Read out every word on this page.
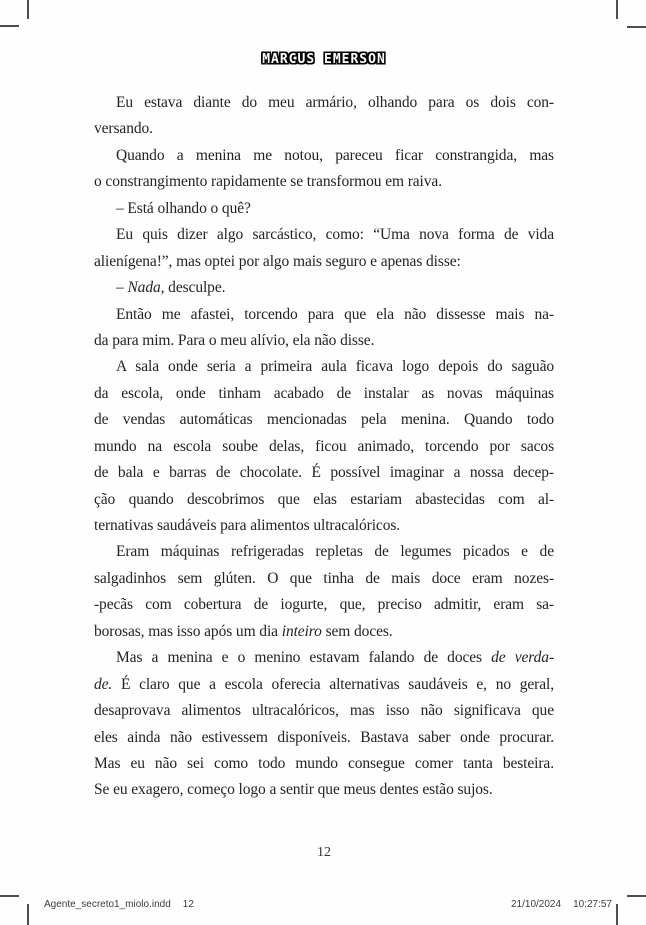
MARCUS EMERSON
Eu estava diante do meu armário, olhando para os dois con-
versando.
Quando a menina me notou, pareceu ficar constrangida, mas
o constrangimento rapidamente se transformou em raiva.
– Está olhando o quê?
Eu quis dizer algo sarcástico, como: “Uma nova forma de vida
alienígena!”, mas optei por algo mais seguro e apenas disse:
– Nada, desculpe.
Então me afastei, torcendo para que ela não dissesse mais na-
da para mim. Para o meu alívio, ela não disse.
A sala onde seria a primeira aula ficava logo depois do saguão
da escola, onde tinham acabado de instalar as novas máquinas
de vendas automáticas mencionadas pela menina. Quando todo
mundo na escola soube delas, ficou animado, torcendo por sacos
de bala e barras de chocolate. É possível imaginar a nossa decep-
ção quando descobrimos que elas estariam abastecidas com al-
ternativas saudáveis para alimentos ultracalóricos.
Eram máquinas refrigeradas repletas de legumes picados e de
salgadinhos sem glúten. O que tinha de mais doce eram nozes-
-pecãs com cobertura de iogurte, que, preciso admitir, eram sa-
borosas, mas isso após um dia inteiro sem doces.
Mas a menina e o menino estavam falando de doces de verda-
de. É claro que a escola oferecia alternativas saudáveis e, no geral,
desaprovava alimentos ultracalóricos, mas isso não significava que
eles ainda não estivessem disponíveis. Bastava saber onde procurar.
Mas eu não sei como todo mundo consegue comer tanta besteira.
Se eu exagero, começo logo a sentir que meus dentes estão sujos.
12
Agente_secreto1_miolo.indd 12	21/10/2024 10:27:57
